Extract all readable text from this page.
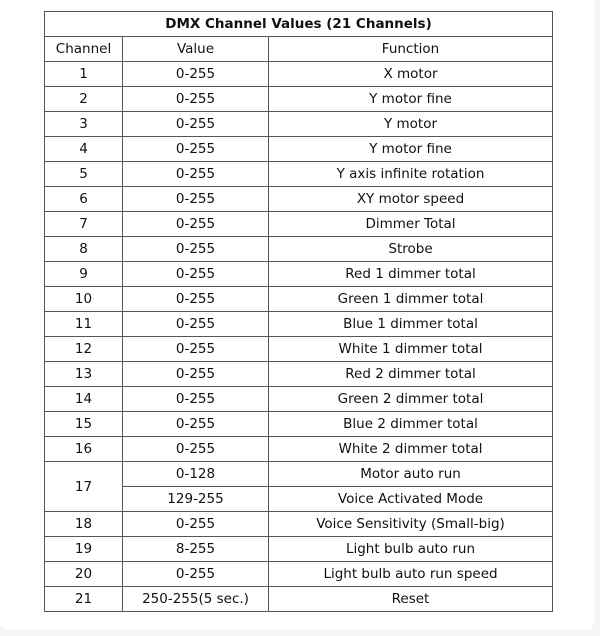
DMX Channel Values (21 Channels)		
Channel	Value	Function
1	0-255	X motor
2	0-255	Y motor fine
3	0-255	Y motor
4	0-255	Y motor fine
5	0-255	Y axis infinite rotation
6	0-255	XY motor speed
7	0-255	Dimmer Total
8	0-255	Strobe
9	0-255	Red 1 dimmer total
10	0-255	Green 1 dimmer total
11	0-255	Blue 1 dimmer total
12	0-255	White 1 dimmer total
13	0-255	Red 2 dimmer total
14	0-255	Green 2 dimmer total
15	0-255	Blue 2 dimmer total
16	0-255	White 2 dimmer total
17	0-128	Motor auto run
	129-255	Voice Activated Mode
18	0-255	Voice Sensitivity (Small-big)
19	8-255	Light bulb auto run
20	0-255	Light bulb auto run speed
21	250-255(5 sec.)	Reset
